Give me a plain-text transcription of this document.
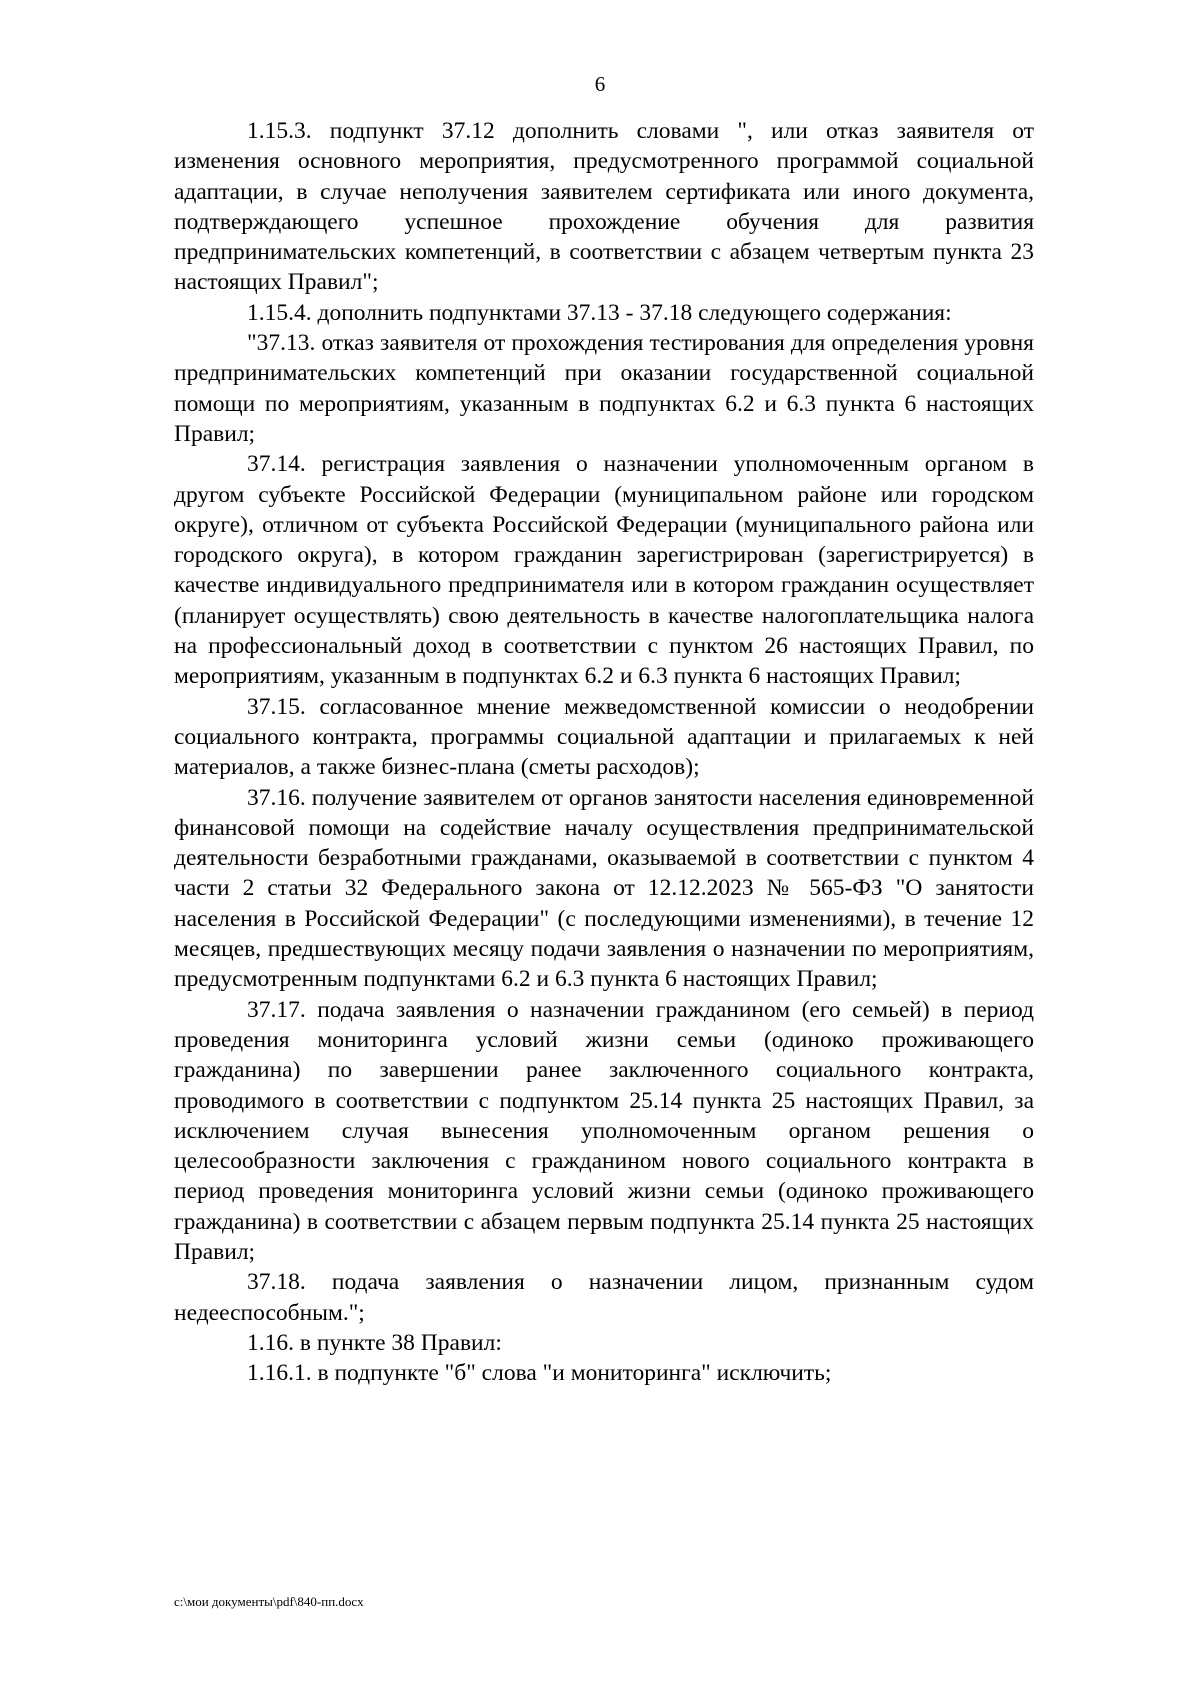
6

1.15.3. подпункт 37.12 дополнить словами ", или отказ заявителя от изменения основного мероприятия, предусмотренного программой социальной адаптации, в случае неполучения заявителем сертификата или иного документа, подтверждающего успешное прохождение обучения для развития предпринимательских компетенций, в соответствии с абзацем четвертым пункта 23 настоящих Правил";

1.15.4. дополнить подпунктами 37.13 - 37.18 следующего содержания:

"37.13. отказ заявителя от прохождения тестирования для определения уровня предпринимательских компетенций при оказании государственной социальной помощи по мероприятиям, указанным в подпунктах 6.2 и 6.3 пункта 6 настоящих Правил;

37.14. регистрация заявления о назначении уполномоченным органом в другом субъекте Российской Федерации (муниципальном районе или городском округе), отличном от субъекта Российской Федерации (муниципального района или городского округа), в котором гражданин зарегистрирован (зарегистрируется) в качестве индивидуального предпринимателя или в котором гражданин осуществляет (планирует осуществлять) свою деятельность в качестве налогоплательщика налога на профессиональный доход в соответствии с пунктом 26 настоящих Правил, по мероприятиям, указанным в подпунктах 6.2 и 6.3 пункта 6 настоящих Правил;

37.15. согласованное мнение межведомственной комиссии о неодобрении социального контракта, программы социальной адаптации и прилагаемых к ней материалов, а также бизнес-плана (сметы расходов);

37.16. получение заявителем от органов занятости населения единовременной финансовой помощи на содействие началу осуществления предпринимательской деятельности безработными гражданами, оказываемой в соответствии с пунктом 4 части 2 статьи 32 Федерального закона от 12.12.2023 № 565-ФЗ "О занятости населения в Российской Федерации" (с последующими изменениями), в течение 12 месяцев, предшествующих месяцу подачи заявления о назначении по мероприятиям, предусмотренным подпунктами 6.2 и 6.3 пункта 6 настоящих Правил;

37.17. подача заявления о назначении гражданином (его семьей) в период проведения мониторинга условий жизни семьи (одиноко проживающего гражданина) по завершении ранее заключенного социального контракта, проводимого в соответствии с подпунктом 25.14 пункта 25 настоящих Правил, за исключением случая вынесения уполномоченным органом решения о целесообразности заключения с гражданином нового социального контракта в период проведения мониторинга условий жизни семьи (одиноко проживающего гражданина) в соответствии с абзацем первым подпункта 25.14 пункта 25 настоящих Правил;

37.18. подача заявления о назначении лицом, признанным судом недееспособным.";

1.16. в пункте 38 Правил:

1.16.1. в подпункте "б" слова "и мониторинга" исключить;

c:\мои документы\pdf\840-пп.docx
